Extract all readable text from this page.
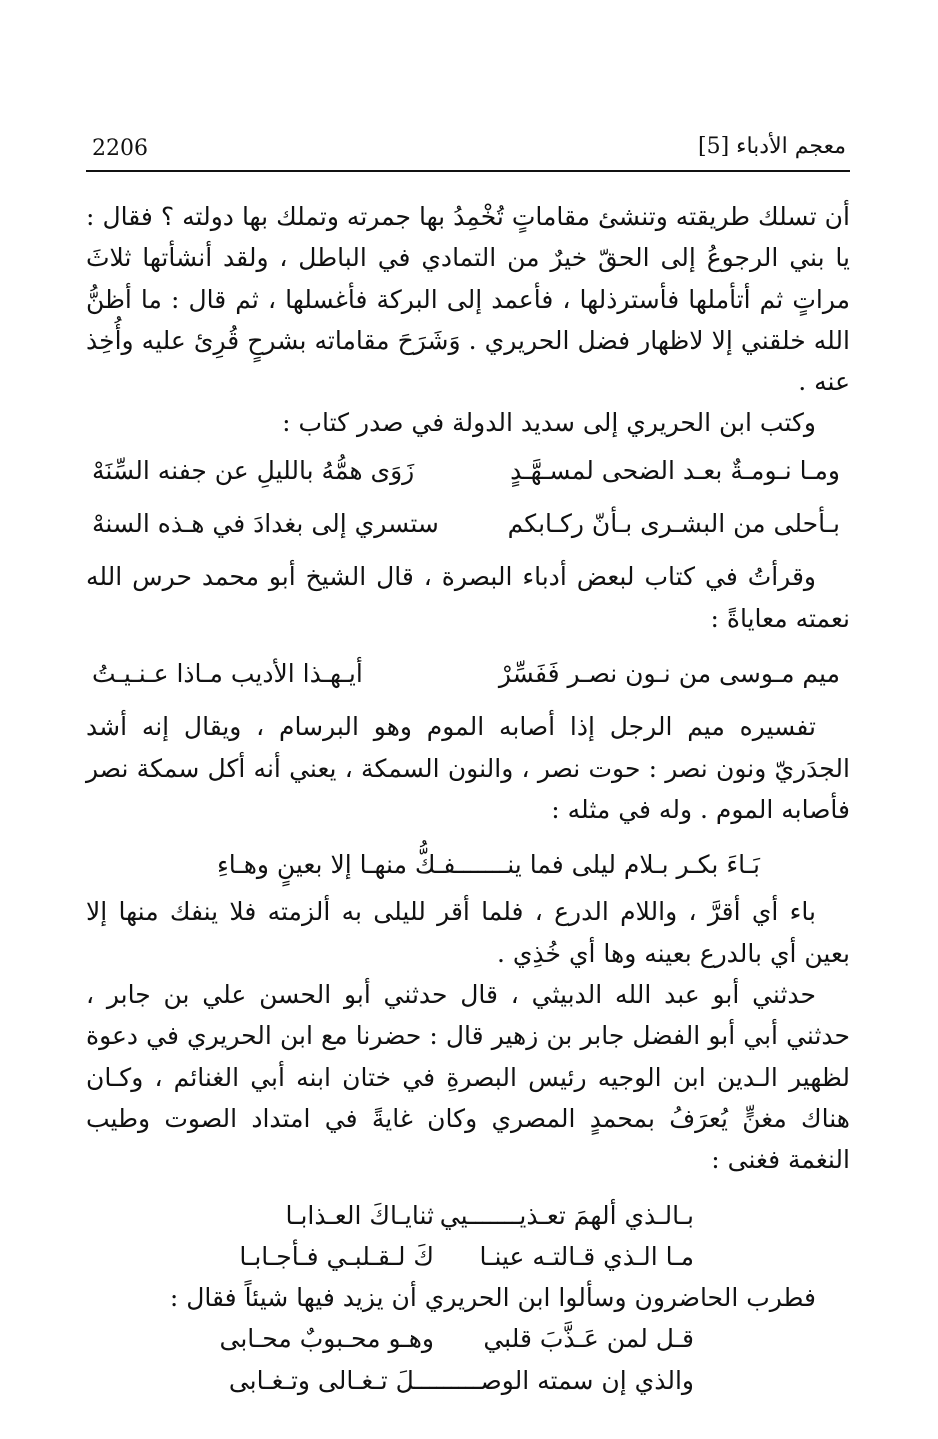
2206	معجم الأدباء [5]

أن تسلك طريقته وتنشئ مقاماتٍ تُخْمِدُ بها جمرته وتملك بها دولته ؟ فقال : يا بني الرجوعُ إلى الحقّ خيرٌ من التمادي في الباطل ، ولقد أنشأتها ثلاثَ مراتٍ ثم أتأملها فأسترذلها ، فأعمد إلى البركة فأغسلها ، ثم قال : ما أظنُّ الله خلقني إلا لاظهار فضل الحريري . وَشَرَحَ مقاماته بشرحٍ قُرِئ عليه وأُخِذ عنه .

وكتب ابن الحريري إلى سديد الدولة في صدر كتاب :

ومـا نـومـةٌ بعـد الضحى لمسـهَّـدٍ
زَوَى همُّهُ بالليلِ عن جفنه السِّنَهْ
بـأحلى من البشـرى بـأنّ ركـابكم
ستسري إلى بغدادَ في هـذه السنهْ

وقرأتُ في كتاب لبعض أدباء البصرة ، قال الشيخ أبو محمد حرس الله نعمته معاياةً :

ميم مـوسى من نـون نصـر فَفَسِّرْ
أيـهـذا الأديب مـاذا عـنـيـتُ

تفسيره ميم الرجل إذا أصابه الموم وهو البرسام ، ويقال إنه أشد الجدَريّ ونون نصر : حوت نصر ، والنون السمكة ، يعني أنه أكل سمكة نصر فأصابه الموم . وله في مثله :

بَـاءَ بكـر بـلام ليلى فما ينـــــــفـكُّ منهـا إلا بعينٍ وهـاءِ

باء أي أقرَّ ، واللام الدرع ، فلما أقر لليلى به ألزمته فلا ينفك منها إلا بعين أي بالدرع بعينه وها أي خُذِي .

حدثني أبو عبد الله الدبيثي ، قال حدثني أبو الحسن علي بن جابر ، حدثني أبي أبو الفضل جابر بن زهير قال : حضرنا مع ابن الحريري في دعوة لظهير الـدين ابن الوجيه رئيس البصرةِ في ختان ابنه أبي الغنائم ، وكـان هناك مغنٍّ يُعرَفُ بمحمدٍ المصري وكان غايةً في امتداد الصوت وطيب النغمة فغنى :

بـالـذي ألهمَ تعـذيـــــــيي
ثنايـاكَ العـذابـا
مـا الـذي قـالتـه عينـا
كَ لـقـلبـي فـأجـابـا

فطرب الحاضرون وسألوا ابن الحريري أن يزيد فيها شيئاً فقال :

قـل لمن عَـذَّبَ قلبي
وهـو محـبوبٌ محـابى
والذي إن سمته الوصـــــــــلَ تـغـالى وتـغـابى
